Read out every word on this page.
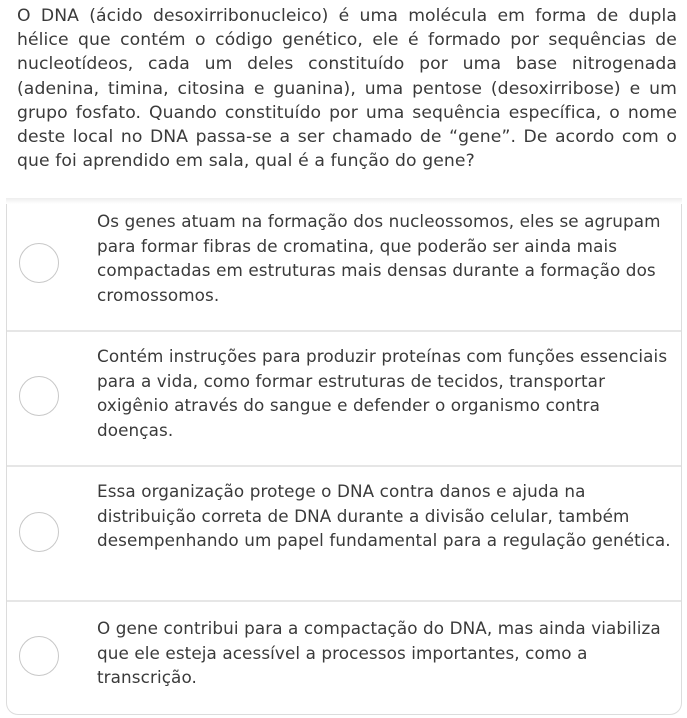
O DNA (ácido desoxirribonucleico) é uma molécula em forma de dupla hélice que contém o código genético, ele é formado por sequências de nucleotídeos, cada um deles constituído por uma base nitrogenada (adenina, timina, citosina e guanina), uma pentose (desoxirribose) e um grupo fosfato. Quando constituído por uma sequência específica, o nome deste local no DNA passa-se a ser chamado de “gene”. De acordo com o que foi aprendido em sala, qual é a função do gene?
Os genes atuam na formação dos nucleossomos, eles se agrupam para formar fibras de cromatina, que poderão ser ainda mais compactadas em estruturas mais densas durante a formação dos cromossomos.
Contém instruções para produzir proteínas com funções essenciais para a vida, como formar estruturas de tecidos, transportar oxigênio através do sangue e defender o organismo contra doenças.
Essa organização protege o DNA contra danos e ajuda na distribuição correta de DNA durante a divisão celular, também desempenhando um papel fundamental para a regulação genética.
O gene contribui para a compactação do DNA, mas ainda viabiliza que ele esteja acessível a processos importantes, como a transcrição.
